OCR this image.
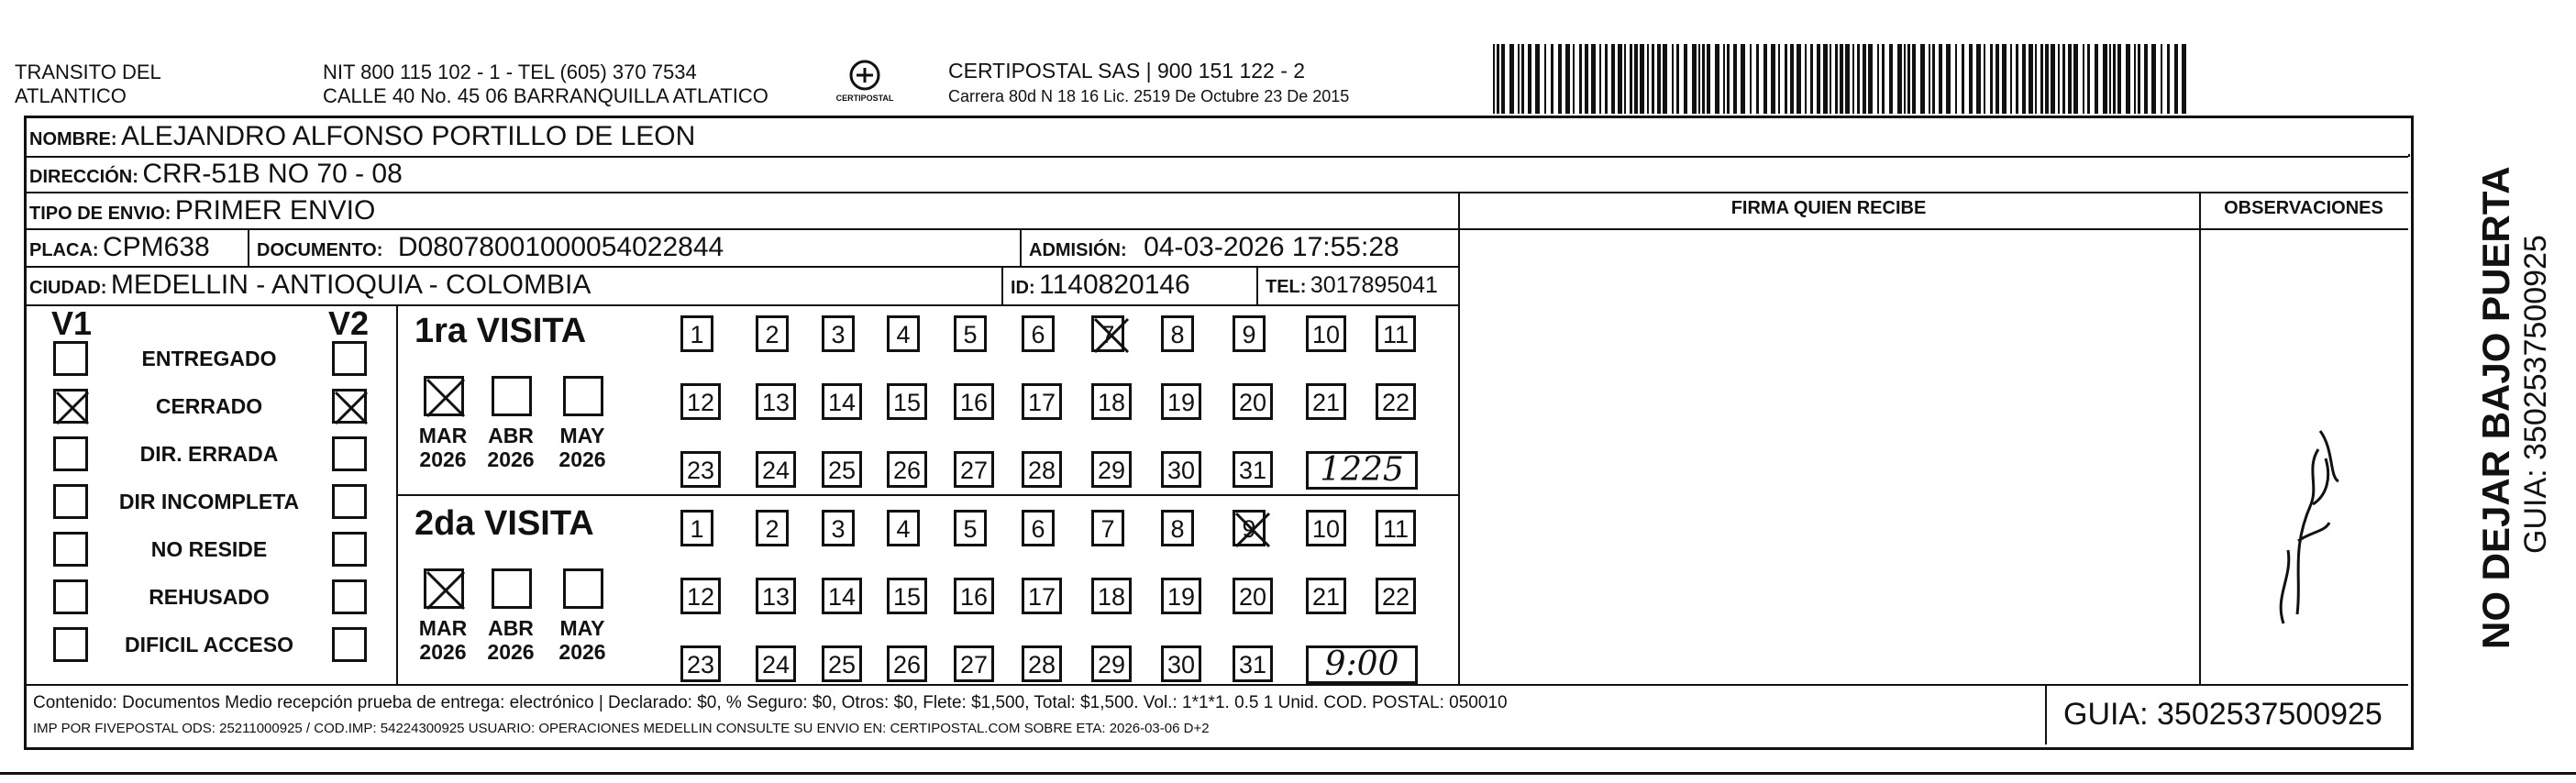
TRANSITO DEL
ATLANTICO
NIT 800 115 102 - 1 - TEL (605) 370 7534
CALLE 40 No. 45 06 BARRANQUILLA ATLATICO	CERTIPOSTAL
CERTIPOSTAL SAS | 900 151 122 - 2
Carrera 80d N 18 16 Lic. 2519 De Octubre 23 De 2015
NOMBRE: ALEJANDRO ALFONSO PORTILLO DE LEON
DIRECCIÓN: CRR-51B NO 70 - 08
TIPO DE ENVIO: PRIMER ENVIO
PLACA: CPM638	DOCUMENTO: D08078001000054022844	ADMISIÓN: 04-03-2026 17:55:28
CIUDAD: MEDELLIN - ANTIOQUIA - COLOMBIA	ID: 1140820146	TEL: 3017895041
FIRMA QUIEN RECIBE	OBSERVACIONES
V1	V2
ENTREGADO
CERRADO
DIR. ERRADA
DIR INCOMPLETA
NO RESIDE
REHUSADO
DIFICIL ACCESO
1ra VISITA
2da VISITA
1	2	3	4	5	6	7	8	9	10 11
12 13 14 15 16 17 18 19 20 21 22
23 24 25 26 27 28 29 30 31	1225
1	2	3	4	5	6	7	8	9	10 11
12 13 14 15 16 17 18 19 20 21 22
23 24 25 26 27 28 29 30 31	9:00
MAR
2026
ABR
2026
MAY
2026
MAR
2026
ABR
2026
MAY
2026
Contenido: Documentos Medio recepción prueba de entrega: electrónico | Declarado: $0, % Seguro: $0, Otros: $0, Flete: $1,500, Total: $1,500. Vol.: 1*1*1. 0.5 1 Unid. COD. POSTAL: 050010
IMP POR FIVEPOSTAL ODS: 25211000925 / COD.IMP: 54224300925 USUARIO: OPERACIONES MEDELLIN CONSULTE SU ENVIO EN: CERTIPOSTAL.COM SOBRE ETA: 2026-03-06 D+2	GUIA: 3502537500925
NO DEJAR BAJO PUERTA GUIA: 3502537500925
